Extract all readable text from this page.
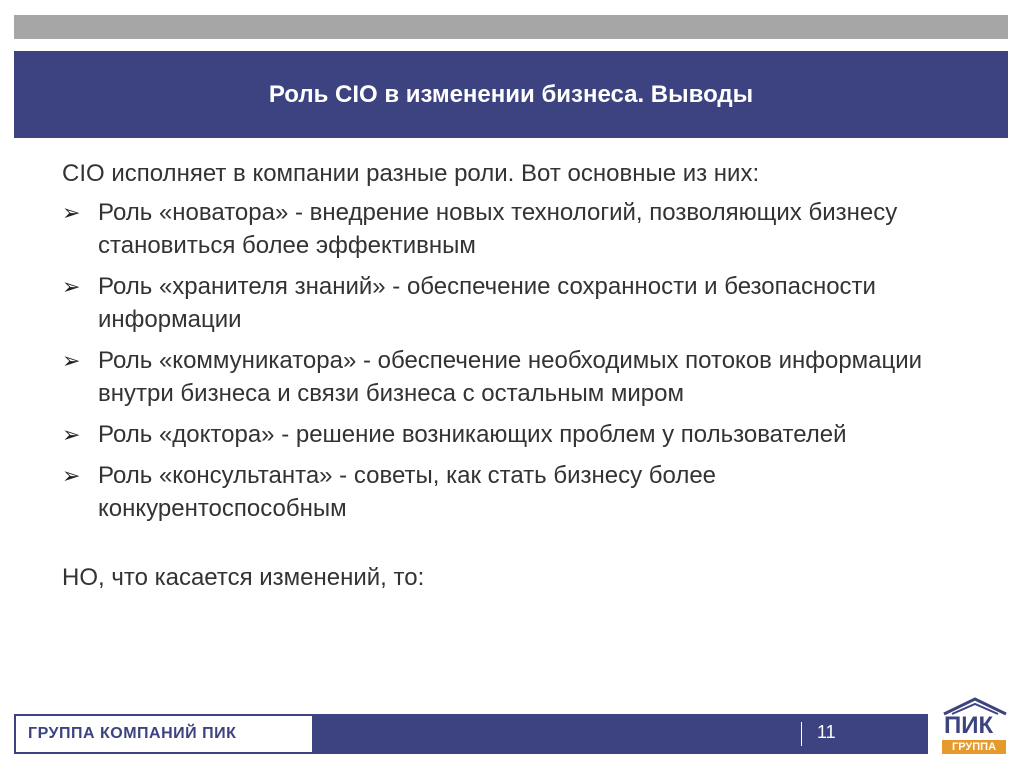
Роль CIO в изменении бизнеса. Выводы

CIO исполняет в компании разные роли. Вот основные из них:

➢ Роль «новатора» - внедрение новых технологий, позволяющих бизнесу становиться более эффективным
➢ Роль «хранителя знаний» - обеспечение сохранности и безопасности информации
➢ Роль «коммуникатора» - обеспечение необходимых потоков информации внутри бизнеса и связи бизнеса с остальным миром
➢ Роль «доктора» - решение возникающих проблем у пользователей
➢ Роль «консультанта» - советы, как стать бизнесу более конкурентоспособным

НО, что касается изменений, то:

ГРУППА КОМПАНИЙ ПИК	11	ПИК
ГРУППА
